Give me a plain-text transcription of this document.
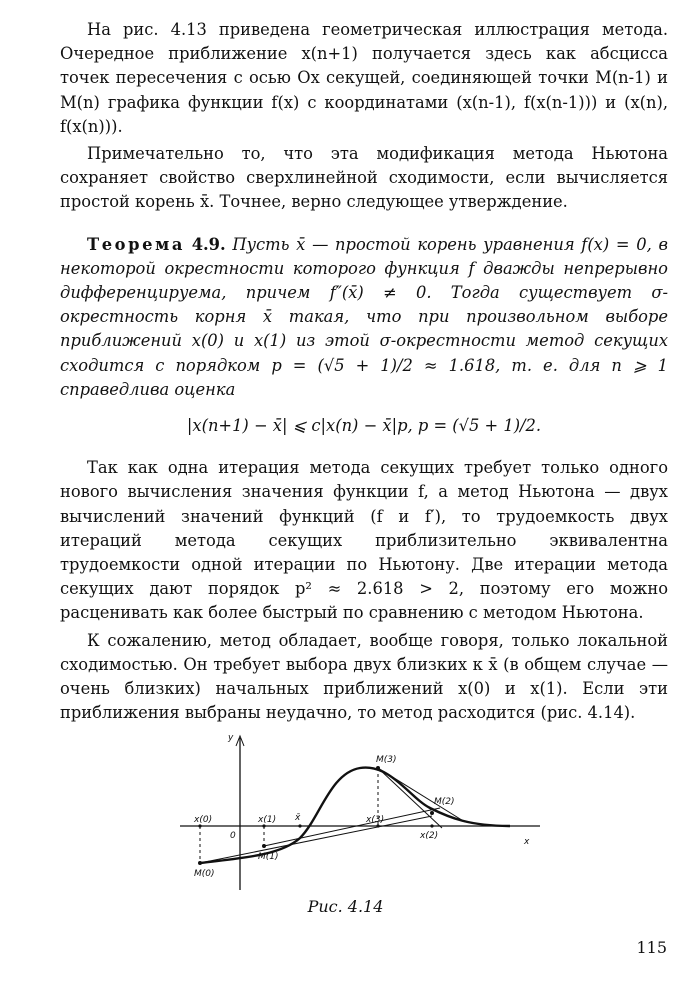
На рис. 4.13 приведена геометрическая иллюстрация метода. Очередное приближение x(n+1) получается здесь как абсцисса точек пересечения с осью Ox секущей, соединяющей точки M(n-1) и M(n) графика функции f(x) с координатами (x(n-1), f(x(n-1))) и (x(n), f(x(n))).

Примечательно то, что эта модификация метода Ньютона сохраняет свойство сверхлинейной сходимости, если вычисляется простой корень x̄. Точнее, верно следующее утверждение.

Теорема 4.9. Пусть x̄ — простой корень уравнения f(x) = 0, в некоторой окрестности которого функция f дважды непрерывно дифференцируема, причем f″(x̄) ≠ 0. Тогда существует σ-окрестность корня x̄ такая, что при произвольном выборе приближений x(0) и x(1) из этой σ-окрестности метод секущих сходится с порядком p = (√5 + 1)/2 ≈ 1.618, т. е. для n ⩾ 1 справедлива оценка

|x(n+1) − x̄| ⩽ c|x(n) − x̄|p, p = (√5 + 1)/2.

Так как одна итерация метода секущих требует только одного нового вычисления значения функции f, а метод Ньютона — двух вычислений значений функций (f и f′), то трудоемкость двух итераций метода секущих приблизительно эквивалентна трудоемкости одной итерации по Ньютону. Две итерации метода секущих дают порядок p² ≈ 2.618 > 2, поэтому его можно расценивать как более быстрый по сравнению с методом Ньютона.

К сожалению, метод обладает, вообще говоря, только локальной сходимостью. Он требует выбора двух близких к x̄ (в общем случае — очень близких) начальных приближений x(0) и x(1). Если эти приближения выбраны неудачно, то метод расходится (рис. 4.14).

y
x
0
x(0)	x(1) x̄	x(3)
x(2)
M(0)
M(1)
M(3)
M(2)
Рис. 4.14
115
